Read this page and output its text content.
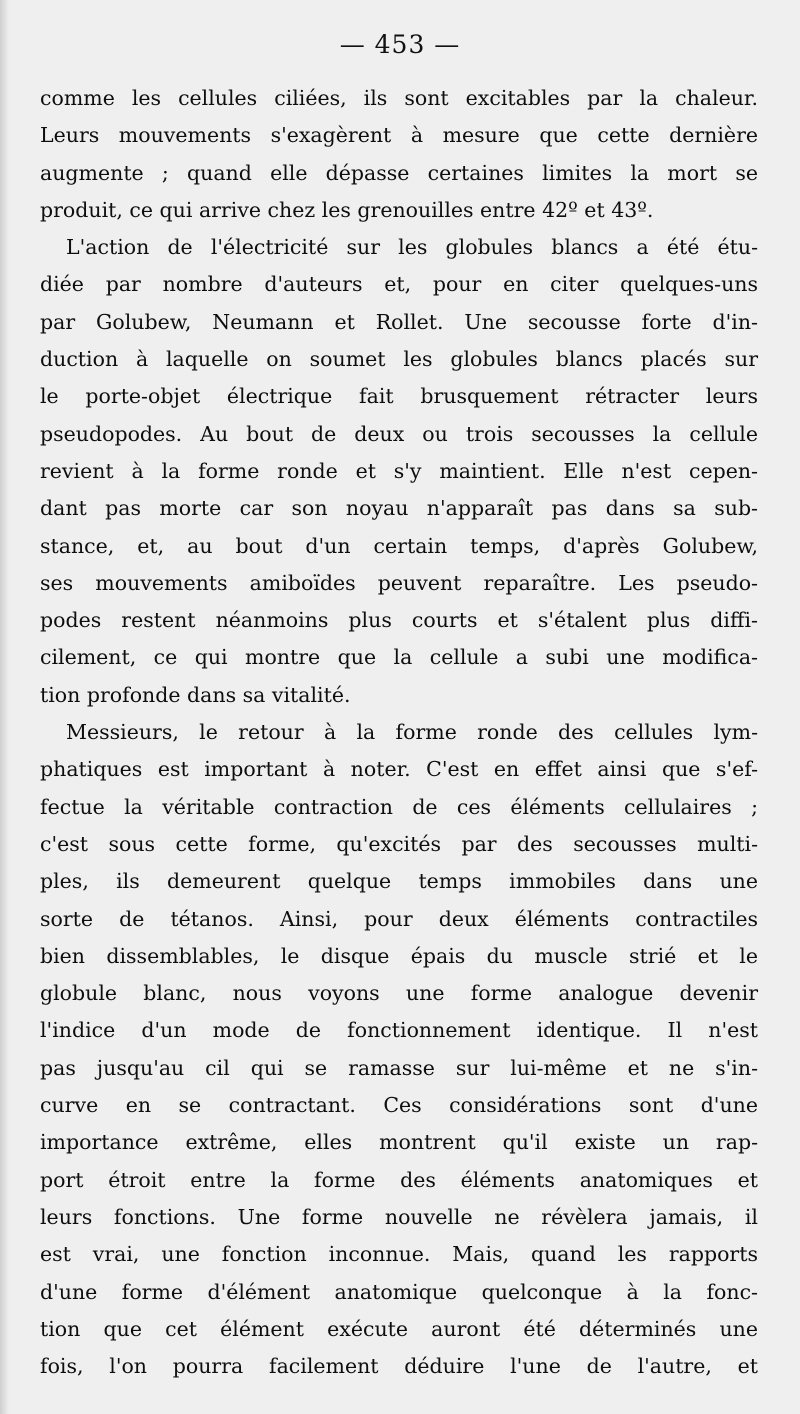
— 453 —
comme les cellules ciliées, ils sont excitables par la chaleur.
Leurs mouvements s'exagèrent à mesure que cette dernière
augmente ; quand elle dépasse certaines limites la mort se
produit, ce qui arrive chez les grenouilles entre 42º et 43º.
L'action de l'électricité sur les globules blancs a été étu-
diée par nombre d'auteurs et, pour en citer quelques-uns
par Golubew, Neumann et Rollet. Une secousse forte d'in-
duction à laquelle on soumet les globules blancs placés sur
le porte-objet électrique fait brusquement rétracter leurs
pseudopodes. Au bout de deux ou trois secousses la cellule
revient à la forme ronde et s'y maintient. Elle n'est cepen-
dant pas morte car son noyau n'apparaît pas dans sa sub-
stance, et, au bout d'un certain temps, d'après Golubew,
ses mouvements amiboïdes peuvent reparaître. Les pseudo-
podes restent néanmoins plus courts et s'étalent plus diffi-
cilement, ce qui montre que la cellule a subi une modifica-
tion profonde dans sa vitalité.
Messieurs, le retour à la forme ronde des cellules lym-
phatiques est important à noter. C'est en effet ainsi que s'ef-
fectue la véritable contraction de ces éléments cellulaires ;
c'est sous cette forme, qu'excités par des secousses multi-
ples, ils demeurent quelque temps immobiles dans une
sorte de tétanos. Ainsi, pour deux éléments contractiles
bien dissemblables, le disque épais du muscle strié et le
globule blanc, nous voyons une forme analogue devenir
l'indice d'un mode de fonctionnement identique. Il n'est
pas jusqu'au cil qui se ramasse sur lui-même et ne s'in-
curve en se contractant. Ces considérations sont d'une
importance extrême, elles montrent qu'il existe un rap-
port étroit entre la forme des éléments anatomiques et
leurs fonctions. Une forme nouvelle ne révèlera jamais, il
est vrai, une fonction inconnue. Mais, quand les rapports
d'une forme d'élément anatomique quelconque à la fonc-
tion que cet élément exécute auront été déterminés une
fois, l'on pourra facilement déduire l'une de l'autre, et
